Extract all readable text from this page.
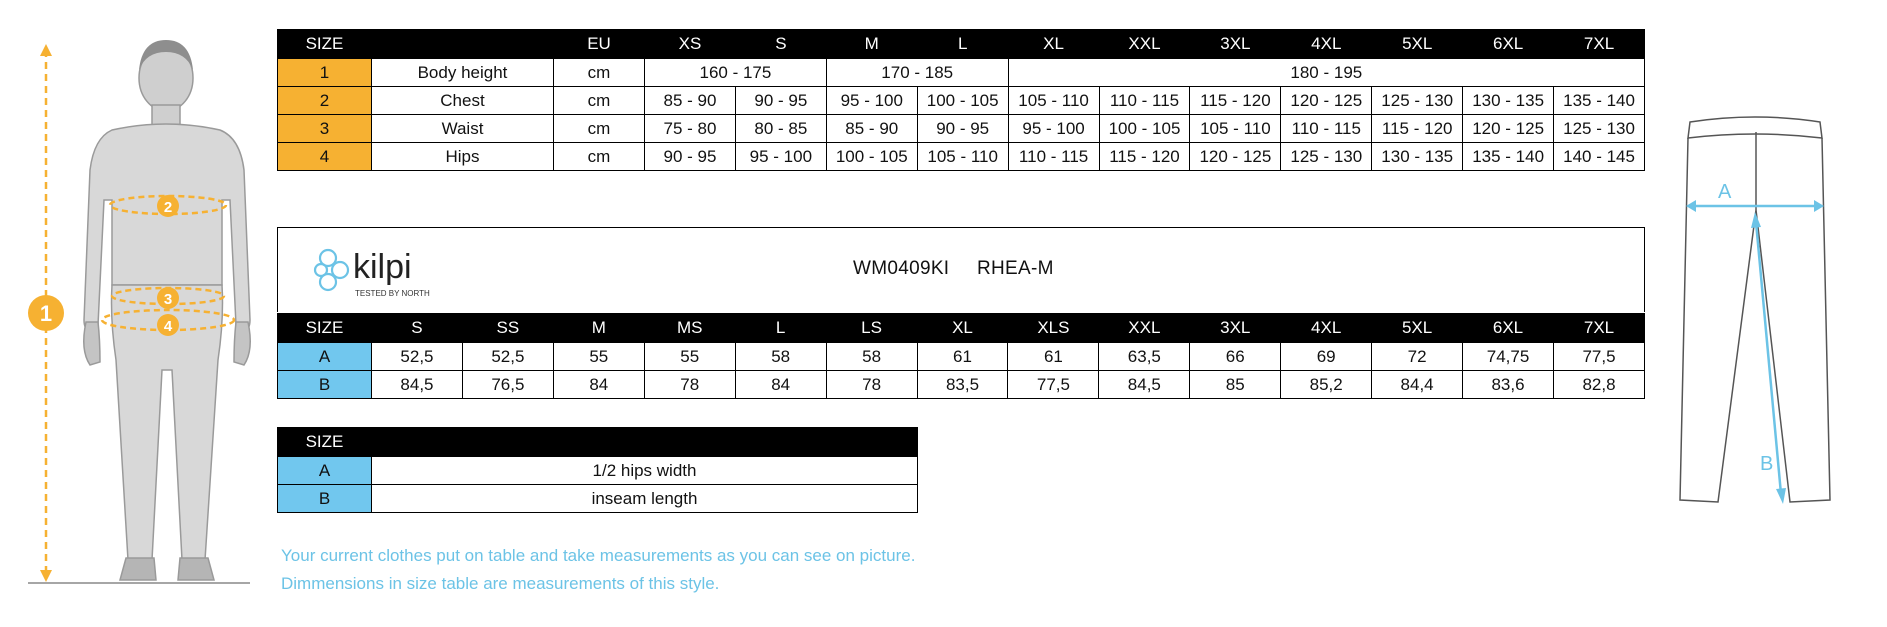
1
2
3
4
SIZE		EU	XS	S	M	L	XL	XXL	3XL	4XL	5XL	6XL	7XL
1	Body height	cm	160 - 175		170 - 185		180 - 195						
2	Chest	cm	85 - 90	90 - 95	95 - 100	100 - 105	105 - 110	110 - 115	115 - 120	120 - 125	125 - 130	130 - 135	135 - 140
3	Waist	cm	75 - 80	80 - 85	85 - 90	90 - 95	95 - 100	100 - 105	105 - 110	110 - 115	115 - 120	120 - 125	125 - 130
4	Hips	cm	90 - 95	95 - 100	100 - 105	105 - 110	110 - 115	115 - 120	120 - 125	125 - 130	130 - 135	135 - 140	140 - 145
kilpi
TESTED BY NORTH
WM0409KI RHEA-M
SIZE	S	SS	M	MS	L	LS	XL	XLS	XXL	3XL	4XL	5XL	6XL	7XL
A	52,5	52,5	55	55	58	58	61	61	63,5	66	69	72	74,75	77,5
B	84,5	76,5	84	78	84	78	83,5	77,5	84,5	85	85,2	84,4	83,6	82,8
SIZE	
A	1/2 hips width
B	inseam length
A
B
Your current clothes put on table and take measurements as you can see on picture.
Dimmensions in size table are measurements of this style.
